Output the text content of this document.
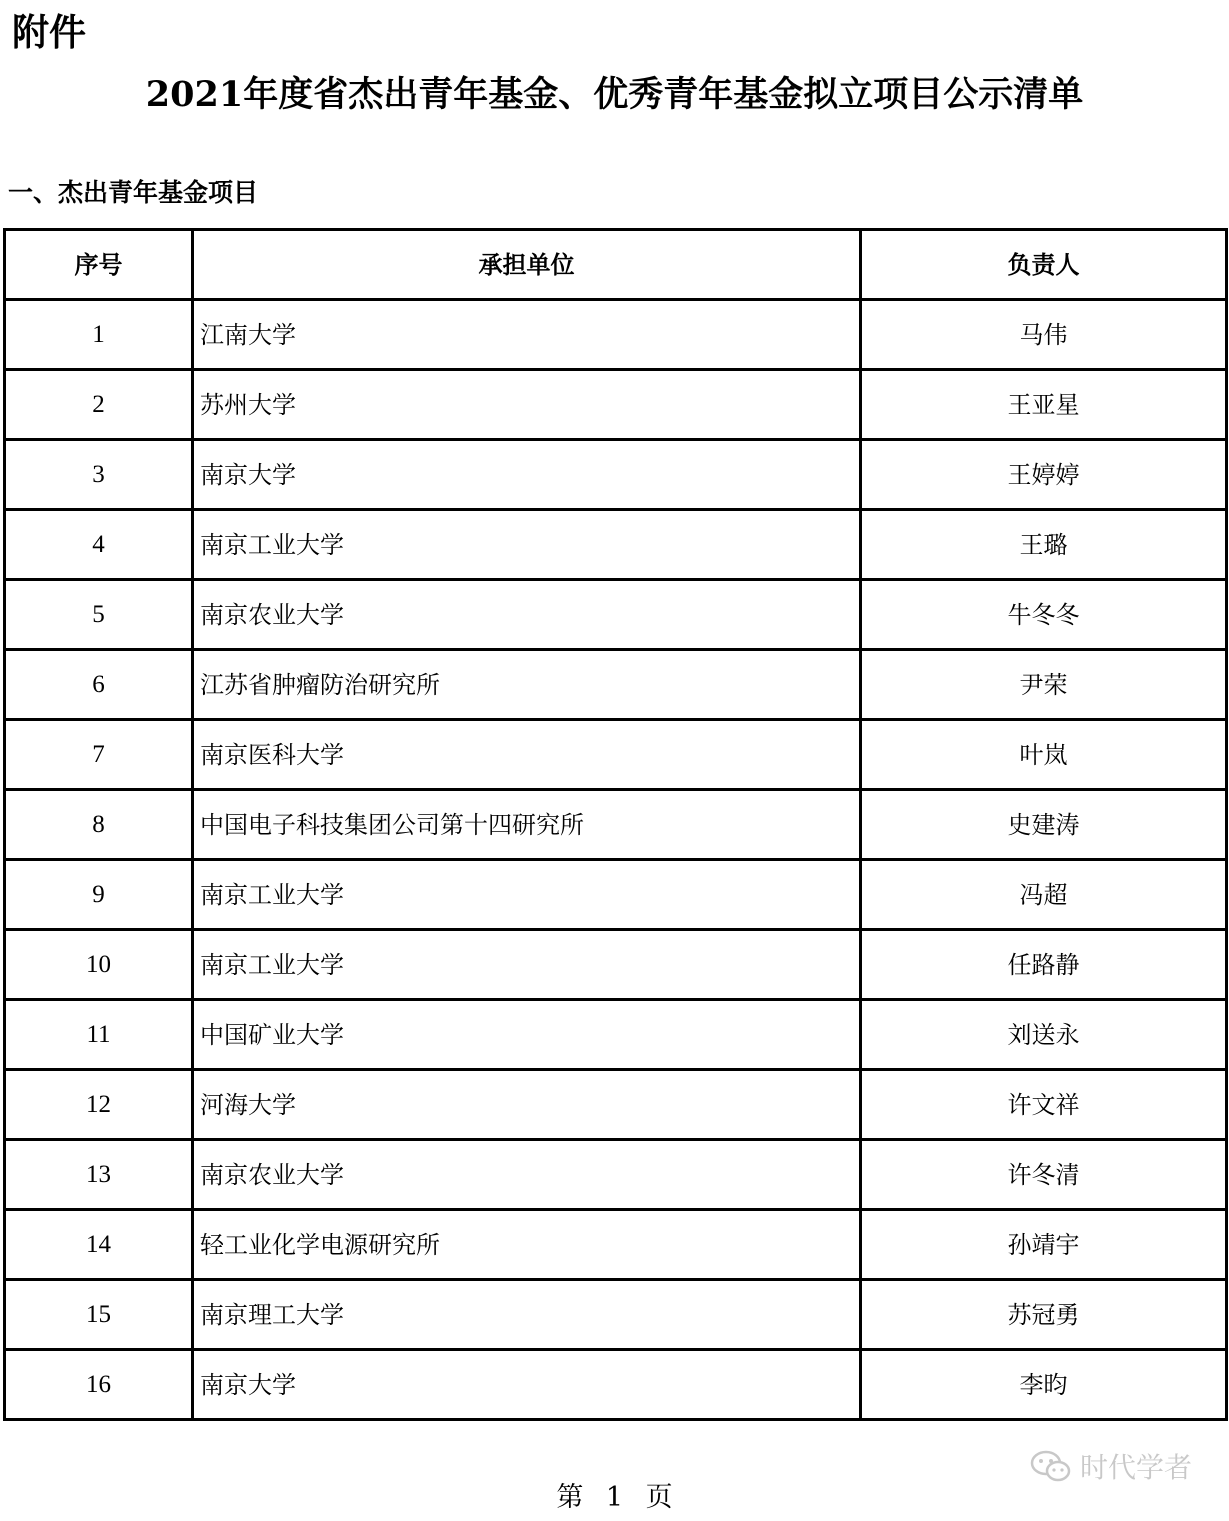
附件
2021年度省杰出青年基金、优秀青年基金拟立项目公示清单
一、杰出青年基金项目
序号	承担单位	负责人
1	江南大学	马伟
2	苏州大学	王亚星
3	南京大学	王婷婷
4	南京工业大学	王璐
5	南京农业大学	牛冬冬
6	江苏省肿瘤防治研究所	尹荣
7	南京医科大学	叶岚
8	中国电子科技集团公司第十四研究所	史建涛
9	南京工业大学	冯超
10	南京工业大学	任路静
11	中国矿业大学	刘送永
12	河海大学	许文祥
13	南京农业大学	许冬清
14	轻工业化学电源研究所	孙靖宇
15	南京理工大学	苏冠勇
16	南京大学	李昀
第 1 页
时代学者
